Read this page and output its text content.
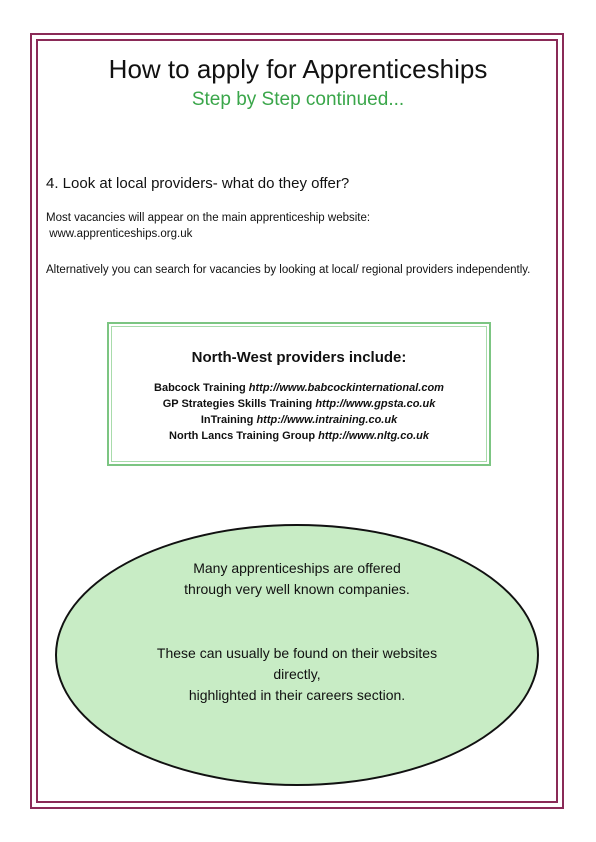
How to apply for Apprenticeships
Step by Step continued...
4. Look at local providers- what do they offer?
Most vacancies will appear on the main apprenticeship website:
www.apprenticeships.org.uk
Alternatively you can search for vacancies by looking at local/ regional providers independently.
North-West providers include:
Babcock Training http://www.babcockinternational.com
GP Strategies Skills Training http://www.gpsta.co.uk
InTraining http://www.intraining.co.uk
North Lancs Training Group http://www.nltg.co.uk
Many apprenticeships are offered
through very well known companies.
These can usually be found on their websites
directly,
highlighted in their careers section.
